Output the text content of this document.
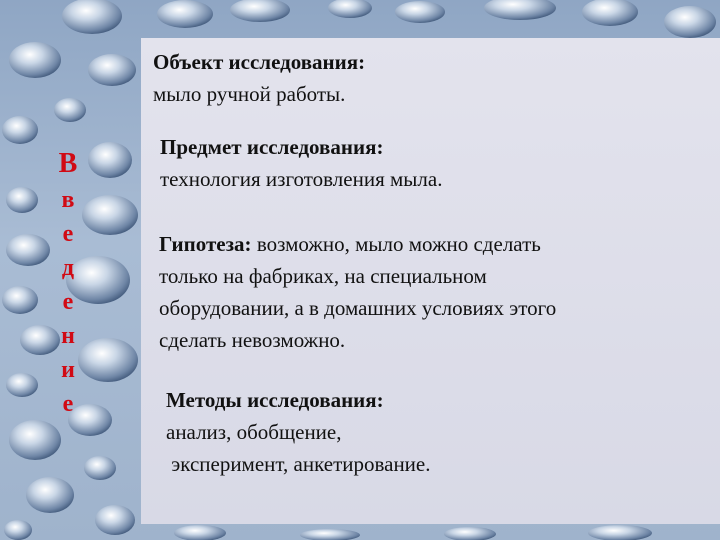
В
в
е
д
е
н
и
е
Объект исследования:
мыло ручной работы.
Предмет исследования:
технология изготовления мыла.
Гипотеза: возможно, мыло можно сделать
только на фабриках, на специальном
оборудовании, а в домашних условиях этого
сделать невозможно.
Методы исследования:
анализ, обобщение,
эксперимент, анкетирование.
